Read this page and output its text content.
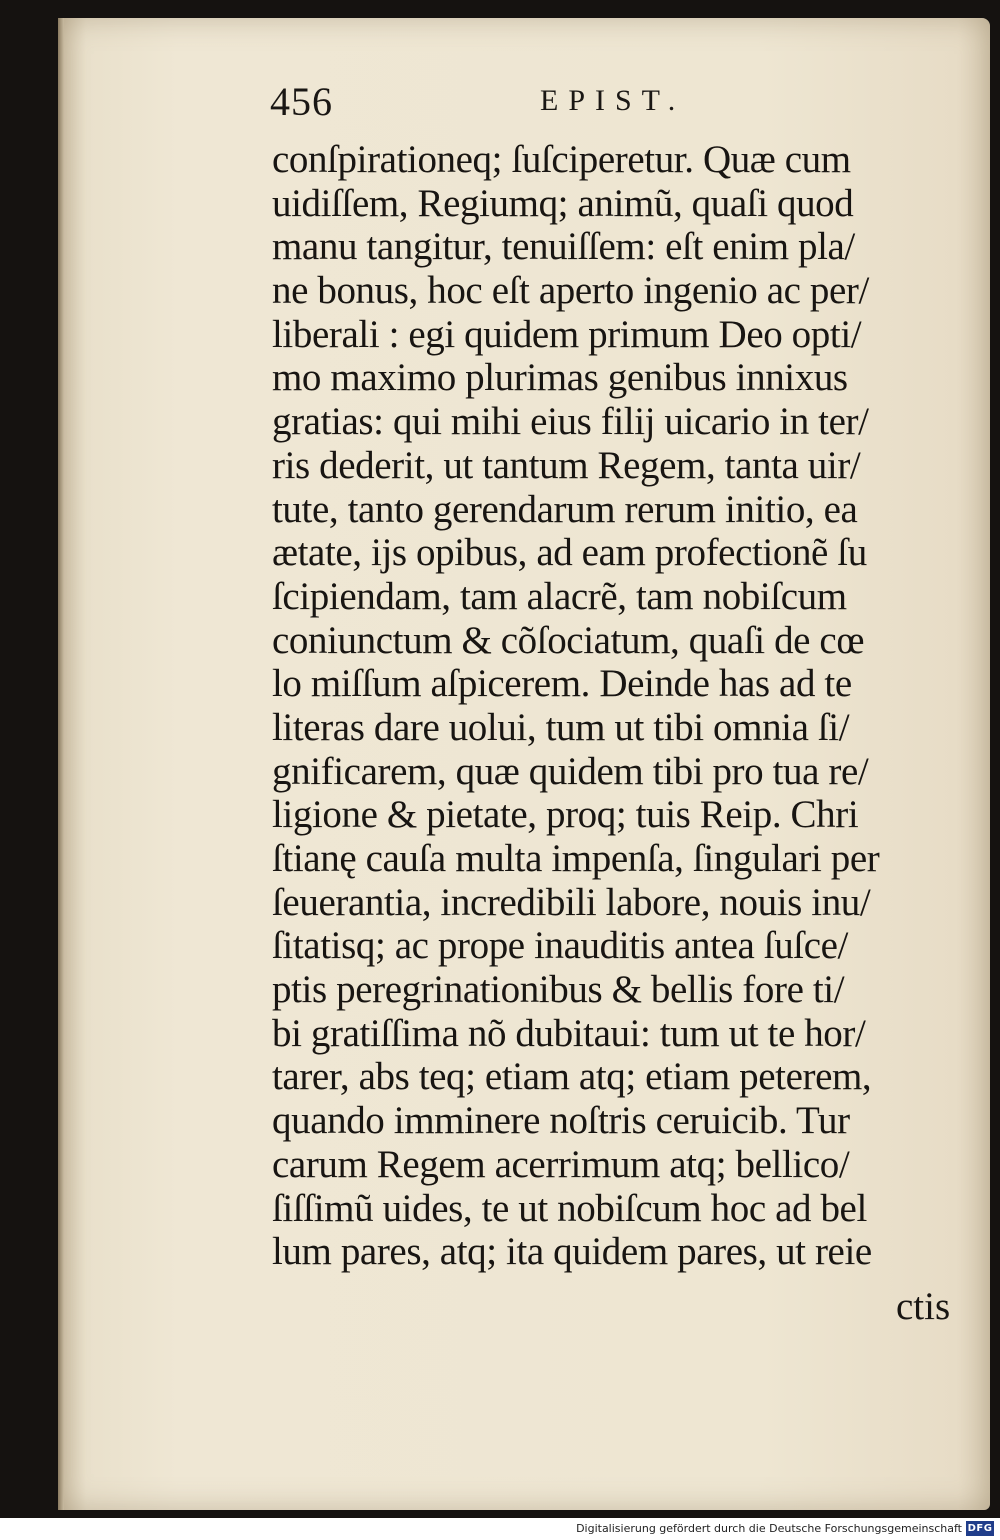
456	EPIST.
conſpirationeq; ſuſciperetur. Quæ cum
uidiſſem, Regiumq; animũ, quaſi quod
manu tangitur, tenuiſſem: eſt enim pla/
ne bonus, hoc eſt aperto ingenio ac per/
liberali : egi quidem primum Deo opti/
mo maximo plurimas genibus innixus
gratias: qui mihi eius filij uicario in ter/
ris dederit, ut tantum Regem, tanta uir/
tute, tanto gerendarum rerum initio, ea
ætate, ijs opibus, ad eam profectionẽ ſu
ſcipiendam, tam alacrẽ, tam nobiſcum
coniunctum & cõſociatum, quaſi de cœ
lo miſſum aſpicerem. Deinde has ad te
literas dare uolui, tum ut tibi omnia ſi/
gnificarem, quæ quidem tibi pro tua re/
ligione & pietate, proq; tuis Reip. Chri
ſtianę cauſa multa impenſa, ſingulari per
ſeuerantia, incredibili labore, nouis inu/
ſitatisq; ac prope inauditis antea ſuſce/
ptis peregrinationibus & bellis fore ti/
bi gratiſſima nõ dubitaui: tum ut te hor/
tarer, abs teq; etiam atq; etiam peterem,
quando imminere noſtris ceruicib. Tur
carum Regem acerrimum atq; bellico/
ſiſſimũ uides, te ut nobiſcum hoc ad bel
lum pares, atq; ita quidem pares, ut reie
ctis
Digitalisierung gefördert durch die Deutsche Forschungsgemeinschaft DFG
